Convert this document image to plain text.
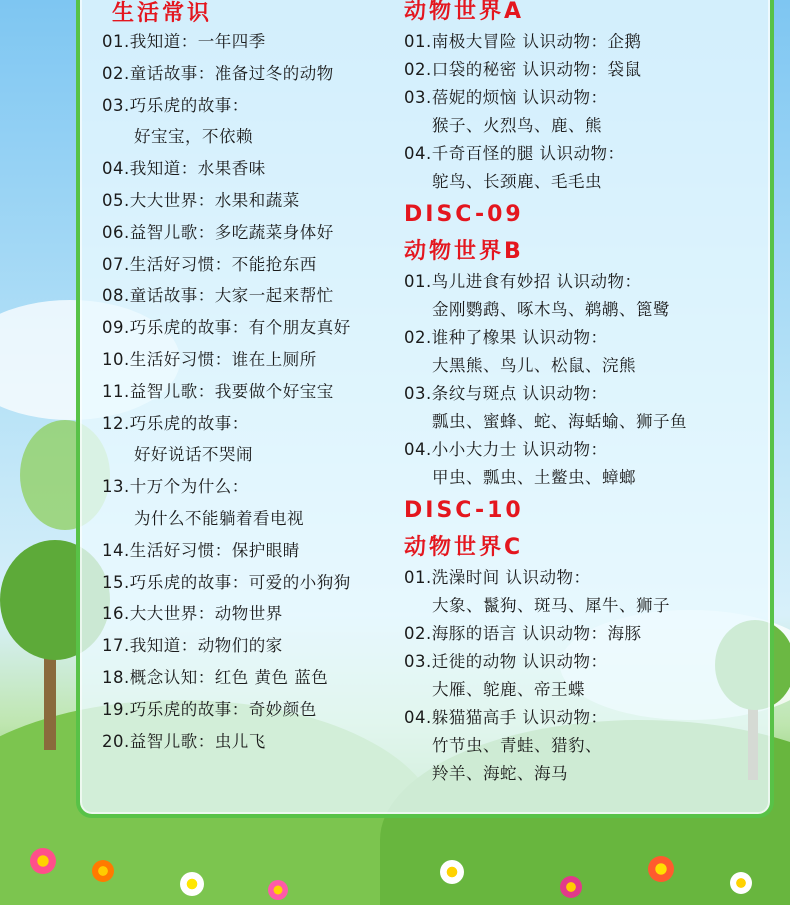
生活常识
01.我知道：一年四季
02.童话故事：准备过冬的动物
03.巧乐虎的故事：
好宝宝，不依赖
04.我知道：水果香味
05.大大世界：水果和蔬菜
06.益智儿歌：多吃蔬菜身体好
07.生活好习惯：不能抢东西
08.童话故事：大家一起来帮忙
09.巧乐虎的故事：有个朋友真好
10.生活好习惯：谁在上厕所
11.益智儿歌：我要做个好宝宝
12.巧乐虎的故事：
好好说话不哭闹
13.十万个为什么：
为什么不能躺着看电视
14.生活好习惯：保护眼睛
15.巧乐虎的故事：可爱的小狗狗
16.大大世界：动物世界
17.我知道：动物们的家
18.概念认知：红色 黄色 蓝色
19.巧乐虎的故事：奇妙颜色
20.益智儿歌：虫儿飞
动物世界A
01.南极大冒险 认识动物：企鹅
02.口袋的秘密 认识动物：袋鼠
03.蓓妮的烦恼 认识动物：
猴子、火烈鸟、鹿、熊
04.千奇百怪的腿 认识动物：
鸵鸟、长颈鹿、毛毛虫
DISC-09
动物世界B
01.鸟儿进食有妙招 认识动物：
金刚鹦鹉、啄木鸟、鹈鹕、篦鹭
02.谁种了橡果 认识动物：
大黑熊、鸟儿、松鼠、浣熊
03.条纹与斑点 认识动物：
瓢虫、蜜蜂、蛇、海蛞蝓、狮子鱼
04.小小大力士 认识动物：
甲虫、瓢虫、土鳖虫、蟑螂
DISC-10
动物世界C
01.洗澡时间 认识动物：
大象、鬣狗、斑马、犀牛、狮子
02.海豚的语言 认识动物：海豚
03.迁徙的动物 认识动物：
大雁、鸵鹿、帝王蝶
04.躲猫猫高手 认识动物：
竹节虫、青蛙、猎豹、
羚羊、海蛇、海马
